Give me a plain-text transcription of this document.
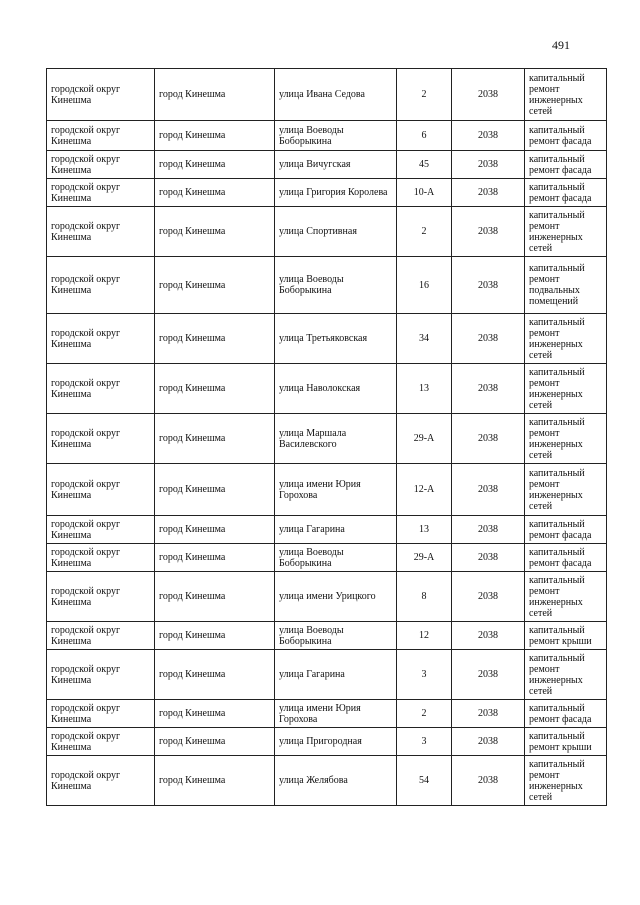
491
городской округ Кинешма	город Кинешма	улица Ивана Седова	2	2038	капитальный ремонт инженерных сетей
городской округ Кинешма	город Кинешма	улица Воеводы Боборыкина	6	2038	капитальный ремонт фасада
городской округ Кинешма	город Кинешма	улица Вичугская	45	2038	капитальный ремонт фасада
городской округ Кинешма	город Кинешма	улица Григория Королева	10-А	2038	капитальный ремонт фасада
городской округ Кинешма	город Кинешма	улица Спортивная	2	2038	капитальный ремонт инженерных сетей
городской округ Кинешма	город Кинешма	улица Воеводы Боборыкина	16	2038	капитальный ремонт подвальных помещений
городской округ Кинешма	город Кинешма	улица Третьяковская	34	2038	капитальный ремонт инженерных сетей
городской округ Кинешма	город Кинешма	улица Наволокская	13	2038	капитальный ремонт инженерных сетей
городской округ Кинешма	город Кинешма	улица Маршала Василевского	29-А	2038	капитальный ремонт инженерных сетей
городской округ Кинешма	город Кинешма	улица имени Юрия Горохова	12-А	2038	капитальный ремонт инженерных сетей
городской округ Кинешма	город Кинешма	улица Гагарина	13	2038	капитальный ремонт фасада
городской округ Кинешма	город Кинешма	улица Воеводы Боборыкина	29-А	2038	капитальный ремонт фасада
городской округ Кинешма	город Кинешма	улица имени Урицкого	8	2038	капитальный ремонт инженерных сетей
городской округ Кинешма	город Кинешма	улица Воеводы Боборыкина	12	2038	капитальный ремонт крыши
городской округ Кинешма	город Кинешма	улица Гагарина	3	2038	капитальный ремонт инженерных сетей
городской округ Кинешма	город Кинешма	улица имени Юрия Горохова	2	2038	капитальный ремонт фасада
городской округ Кинешма	город Кинешма	улица Пригородная	3	2038	капитальный ремонт крыши
городской округ Кинешма	город Кинешма	улица Желябова	54	2038	капитальный ремонт инженерных сетей
